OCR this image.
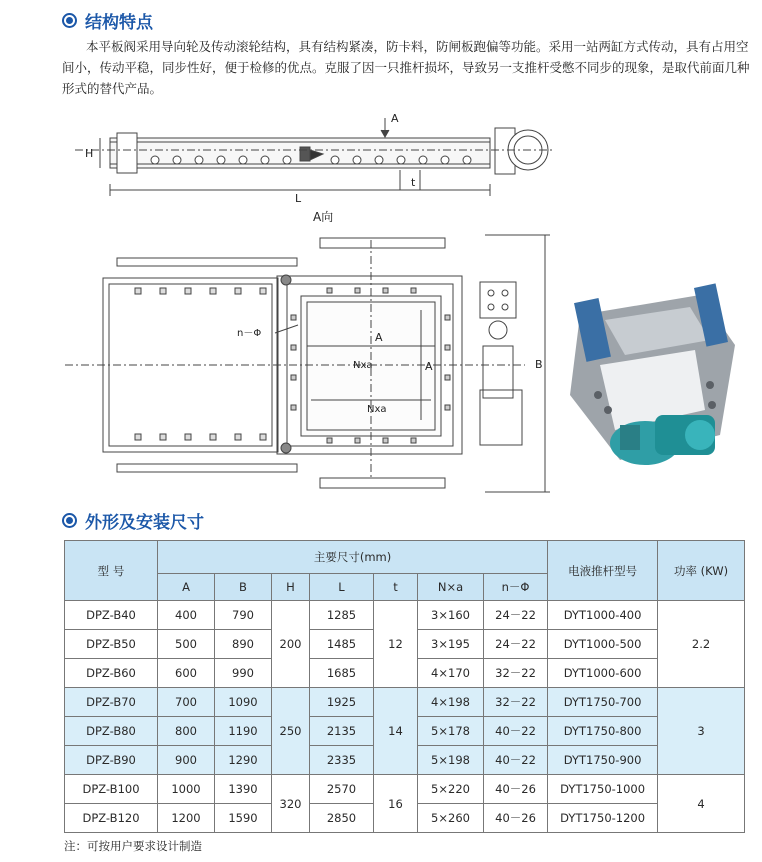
结构特点

本平板阀采用导向轮及传动滚轮结构，具有结构紧凑，防卡料，防闸板跑偏等功能。采用一站两缸方式传动，具有占用空间小，传动平稳，同步性好，便于检修的优点。克服了因一只推杆损坏，导致另一支推杆受憋不同步的现象，是取代前面几种形式的替代产品。

H
A
L
t
A向
n－Φ	A
Nxa	A
Nxa
B
外形及安装尺寸
型 号	主要尺寸(mm)							电液推杆型号	功率 (KW)
	A	B	H	L	t	N×a	n－Φ		
DPZ-B40	400	790	200	1285	12	3×160	24－22	DYT1000-400	2.2
DPZ-B50	500	890		1485		3×195	24－22	DYT1000-500	
DPZ-B60	600	990		1685		4×170	32－22	DYT1000-600	
DPZ-B70	700	1090	250	1925	14	4×198	32－22	DYT1750-700	3
DPZ-B80	800	1190		2135		5×178	40－22	DYT1750-800	
DPZ-B90	900	1290		2335		5×198	40－22	DYT1750-900	
DPZ-B100	1000	1390	320	2570	16	5×220	40－26	DYT1750-1000	4
DPZ-B120	1200	1590		2850		5×260	40－26	DYT1750-1200	
注：可按用户要求设计制造
